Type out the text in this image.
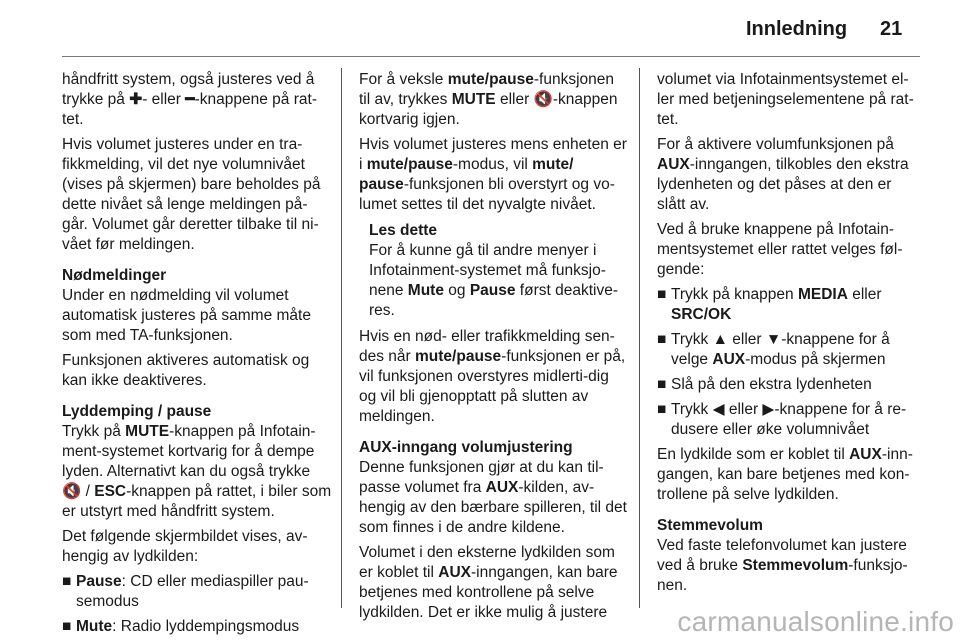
Innledning 21

håndfritt system, også justeres ved å trykke på ✚- eller ━-knappene på rat-tet.

Hvis volumet justeres under en tra-fikkmelding, vil det nye volumnivået (vises på skjermen) bare beholdes på dette nivået så lenge meldingen på-går. Volumet går deretter tilbake til ni-vået før meldingen.

Nødmeldinger

Under en nødmelding vil volumet automatisk justeres på samme måte som med TA-funksjonen.

Funksjonen aktiveres automatisk og kan ikke deaktiveres.

Lyddemping / pause

Trykk på MUTE-knappen på Infotain-ment-systemet kortvarig for å dempe lyden. Alternativt kan du også trykke 🔇 / ESC-knappen på rattet, i biler som er utstyrt med håndfritt system.

Det følgende skjermbildet vises, av-hengig av lydkilden:

■ Pause: CD eller mediaspiller pau-semodus
■ Mute: Radio lyddempingsmodus

For å veksle mute/pause-funksjonen til av, trykkes MUTE eller 🔇-knappen kortvarig igjen.

Hvis volumet justeres mens enheten er i mute/pause-modus, vil mute/ pause-funksjonen bli overstyrt og vo-lumet settes til det nyvalgte nivået.

Les dette
For å kunne gå til andre menyer i Infotainment-systemet må funksjo-nene Mute og Pause først deaktive-res.

Hvis en nød- eller trafikkmelding sen-des når mute/pause-funksjonen er på, vil funksjonen overstyres midlerti-dig og vil bli gjenopptatt på slutten av meldingen.

AUX-inngang volumjustering

Denne funksjonen gjør at du kan til-passe volumet fra AUX-kilden, av-hengig av den bærbare spilleren, til det som finnes i de andre kildene.

Volumet i den eksterne lydkilden som er koblet til AUX-inngangen, kan bare betjenes med kontrollene på selve lydkilden. Det er ikke mulig å justere

volumet via Infotainmentsystemet el-ler med betjeningselementene på rat-tet.

For å aktivere volumfunksjonen på AUX-inngangen, tilkobles den ekstra lydenheten og det påses at den er slått av.

Ved å bruke knappene på Infotain-mentsystemet eller rattet velges føl-gende:

■ Trykk på knappen MEDIA eller SRC/OK
■ Trykk ▲ eller ▼-knappene for å velge AUX-modus på skjermen
■ Slå på den ekstra lydenheten
■ Trykk ◀ eller ▶-knappene for å re-dusere eller øke volumnivået

En lydkilde som er koblet til AUX-inn-gangen, kan bare betjenes med kon-trollene på selve lydkilden.

Stemmevolum

Ved faste telefonvolumet kan justere ved å bruke Stemmevolum-funksjo-nen.

carmanualsonline.info
